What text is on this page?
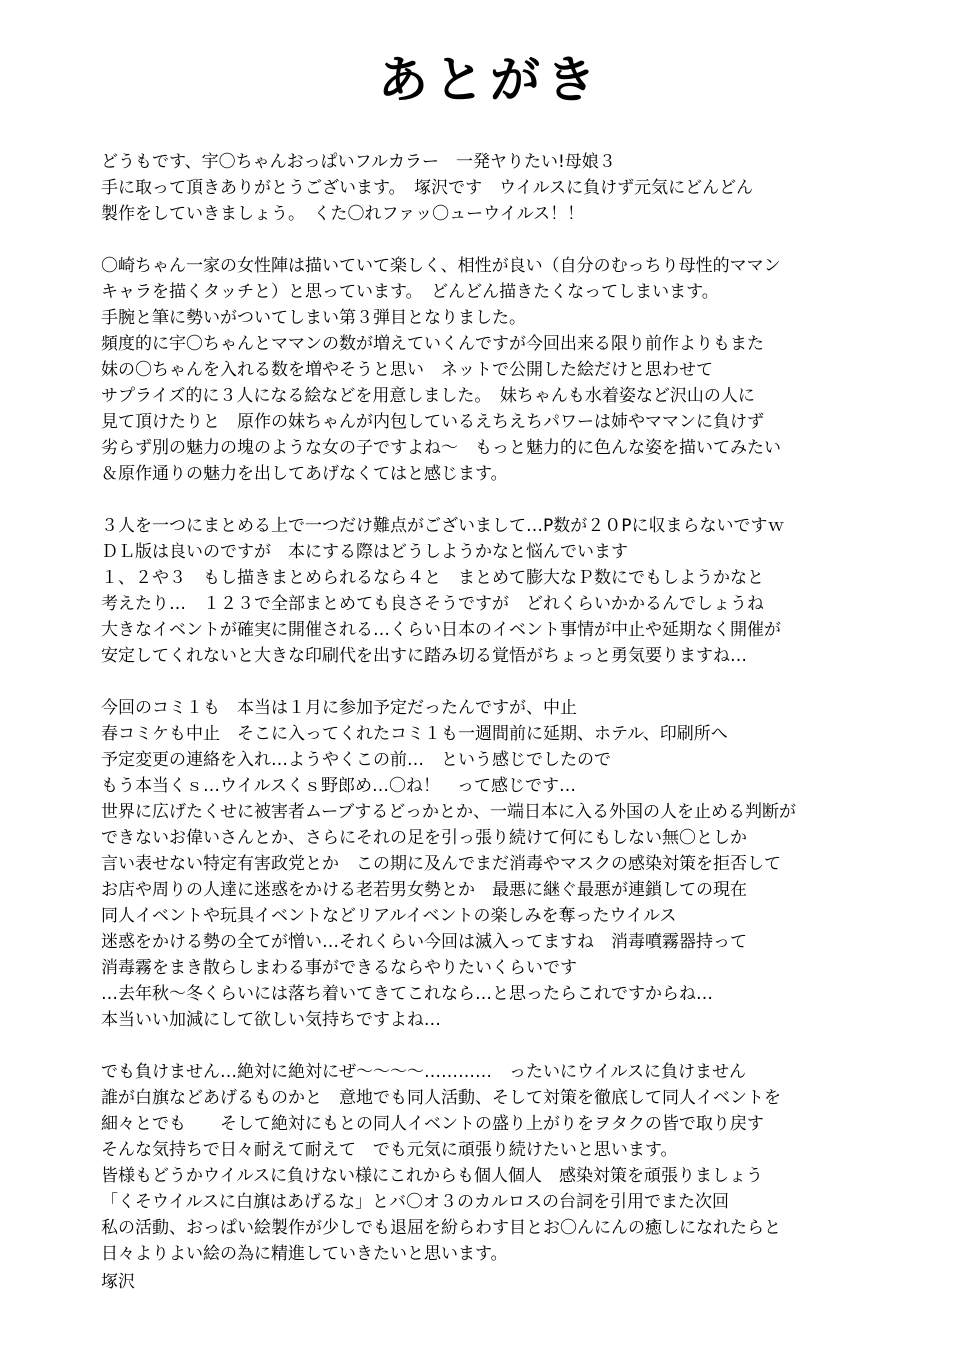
あとがき
どうもです、宇〇ちゃんおっぱいフルカラー　一発ヤりたい!母娘３
手に取って頂きありがとうございます。　塚沢です　ウイルスに負けず元気にどんどん
製作をしていきましょう。　くた〇れファッ〇ューウイルス！！
〇崎ちゃん一家の女性陣は描いていて楽しく、相性が良い（自分のむっちり母性的ママン
キャラを描くタッチと）と思っています。　どんどん描きたくなってしまいます。
手腕と筆に勢いがついてしまい第３弾目となりました。
頻度的に宇〇ちゃんとママンの数が増えていくんですが今回出来る限り前作よりもまた
妹の〇ちゃんを入れる数を増やそうと思い　ネットで公開した絵だけと思わせて
サプライズ的に３人になる絵などを用意しました。　妹ちゃんも水着姿など沢山の人に
見て頂けたりと　原作の妹ちゃんが内包しているえちえちパワーは姉やママンに負けず
劣らず別の魅力の塊のような女の子ですよね～　もっと魅力的に色んな姿を描いてみたい
＆原作通りの魅力を出してあげなくてはと感じます。
３人を一つにまとめる上で一つだけ難点がございまして…P数が２０Pに収まらないですｗ
ＤＬ版は良いのですが　本にする際はどうしようかなと悩んでいます
１、２や３　もし描きまとめられるなら４と　まとめて膨大なＰ数にでもしようかなと
考えたり…　１２３で全部まとめても良さそうですが　どれくらいかかるんでしょうね
大きなイベントが確実に開催される…くらい日本のイベント事情が中止や延期なく開催が
安定してくれないと大きな印刷代を出すに踏み切る覚悟がちょっと勇気要りますね…
今回のコミ１も　本当は１月に参加予定だったんですが、中止
春コミケも中止　そこに入ってくれたコミ１も一週間前に延期、ホテル、印刷所へ
予定変更の連絡を入れ…ようやくこの前…　という感じでしたので
もう本当くｓ…ウイルスくｓ野郎め…〇ね！　って感じです…
世界に広げたくせに被害者ムーブするどっかとか、一端日本に入る外国の人を止める判断が
できないお偉いさんとか、さらにそれの足を引っ張り続けて何にもしない無〇としか
言い表せない特定有害政党とか　この期に及んでまだ消毒やマスクの感染対策を拒否して
お店や周りの人達に迷惑をかける老若男女勢とか　最悪に継ぐ最悪が連鎖しての現在
同人イベントや玩具イベントなどリアルイベントの楽しみを奪ったウイルス
迷惑をかける勢の全てが憎い…それくらい今回は滅入ってますね　消毒噴霧器持って
消毒霧をまき散らしまわる事ができるならやりたいくらいです
…去年秋～冬くらいには落ち着いてきてこれなら…と思ったらこれですからね…
本当いい加減にして欲しい気持ちですよね…
でも負けません…絶対に絶対にぜ～～～～…………　ったいにウイルスに負けません
誰が白旗などあげるものかと　意地でも同人活動、そして対策を徹底して同人イベントを
細々とでも　　そして絶対にもとの同人イベントの盛り上がりをヲタクの皆で取り戻す
そんな気持ちで日々耐えて耐えて　でも元気に頑張り続けたいと思います。
皆様もどうかウイルスに負けない様にこれからも個人個人　感染対策を頑張りましょう
「くそウイルスに白旗はあげるな」とバ〇オ３のカルロスの台詞を引用でまた次回
私の活動、おっぱい絵製作が少しでも退屈を紛らわす目とお〇んにんの癒しになれたらと
日々よりよい絵の為に精進していきたいと思います。
塚沢
